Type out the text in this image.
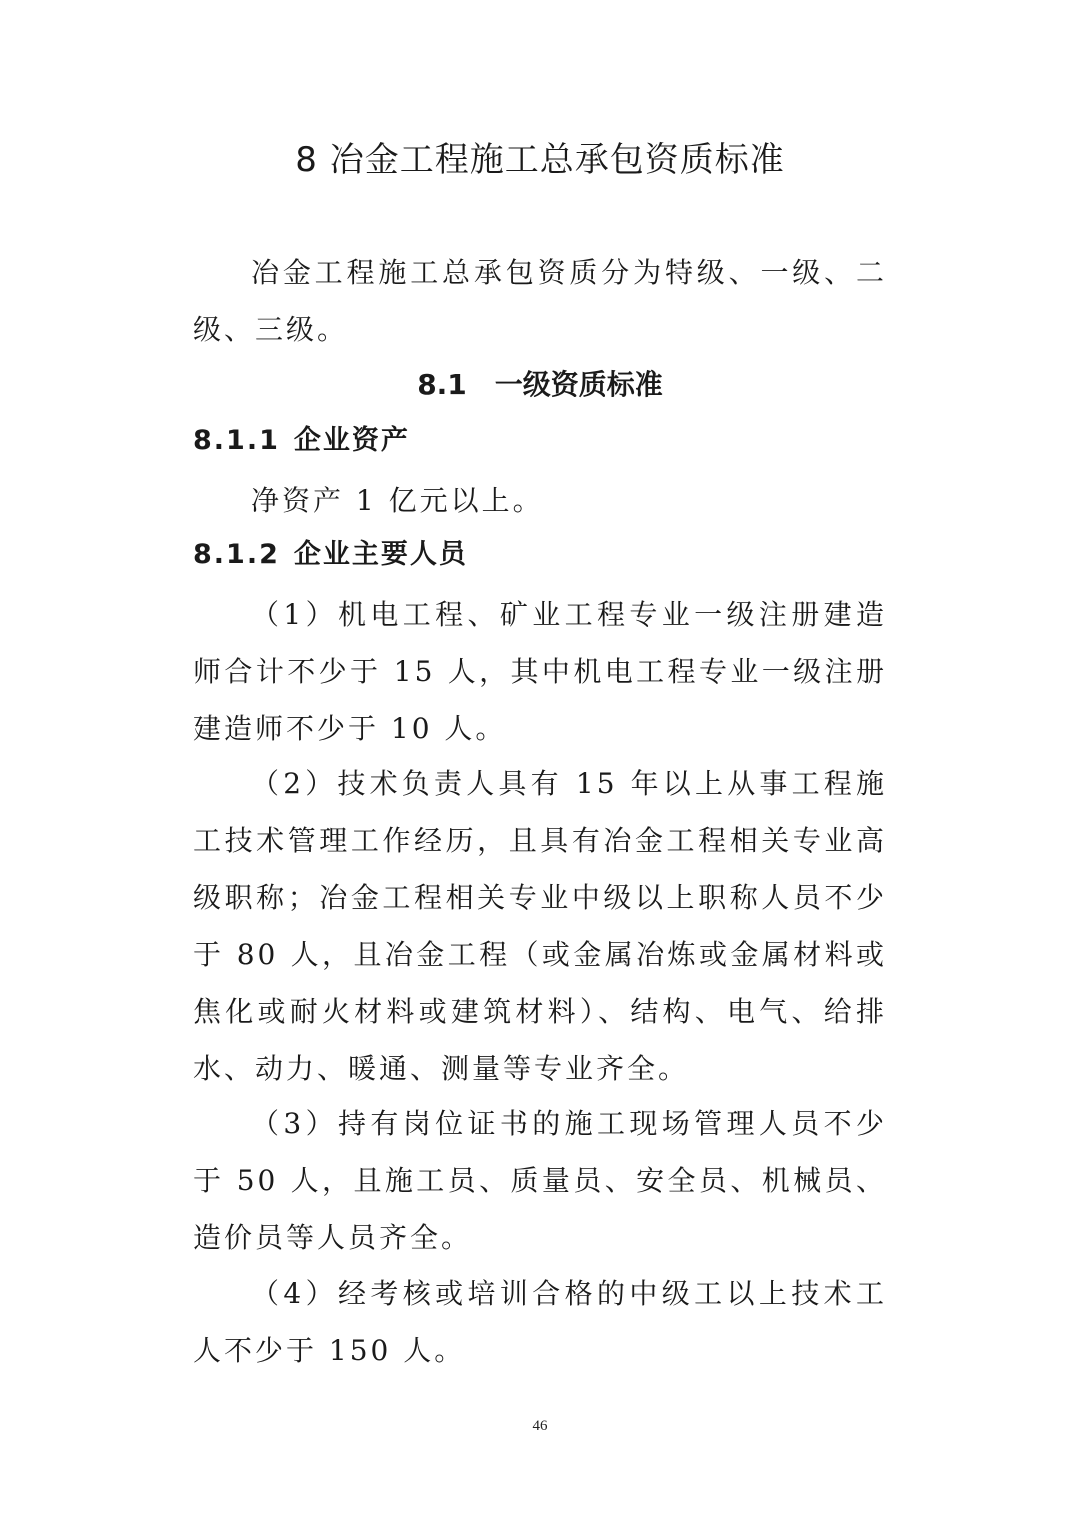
8 冶金工程施工总承包资质标准
冶金工程施工总承包资质分为特级、一级、二级、三级。
8.1 一级资质标准
8.1.1 企业资产
净资产 1 亿元以上。
8.1.2 企业主要人员
（1）机电工程、矿业工程专业一级注册建造师合计不少于 15 人，其中机电工程专业一级注册建造师不少于 10 人。
（2）技术负责人具有 15 年以上从事工程施工技术管理工作经历，且具有冶金工程相关专业高级职称；冶金工程相关专业中级以上职称人员不少于 80 人，且冶金工程（或金属冶炼或金属材料或焦化或耐火材料或建筑材料）、结构、电气、给排水、动力、暖通、测量等专业齐全。
（3）持有岗位证书的施工现场管理人员不少于 50 人，且施工员、质量员、安全员、机械员、造价员等人员齐全。
（4）经考核或培训合格的中级工以上技术工人不少于 150 人。
46
